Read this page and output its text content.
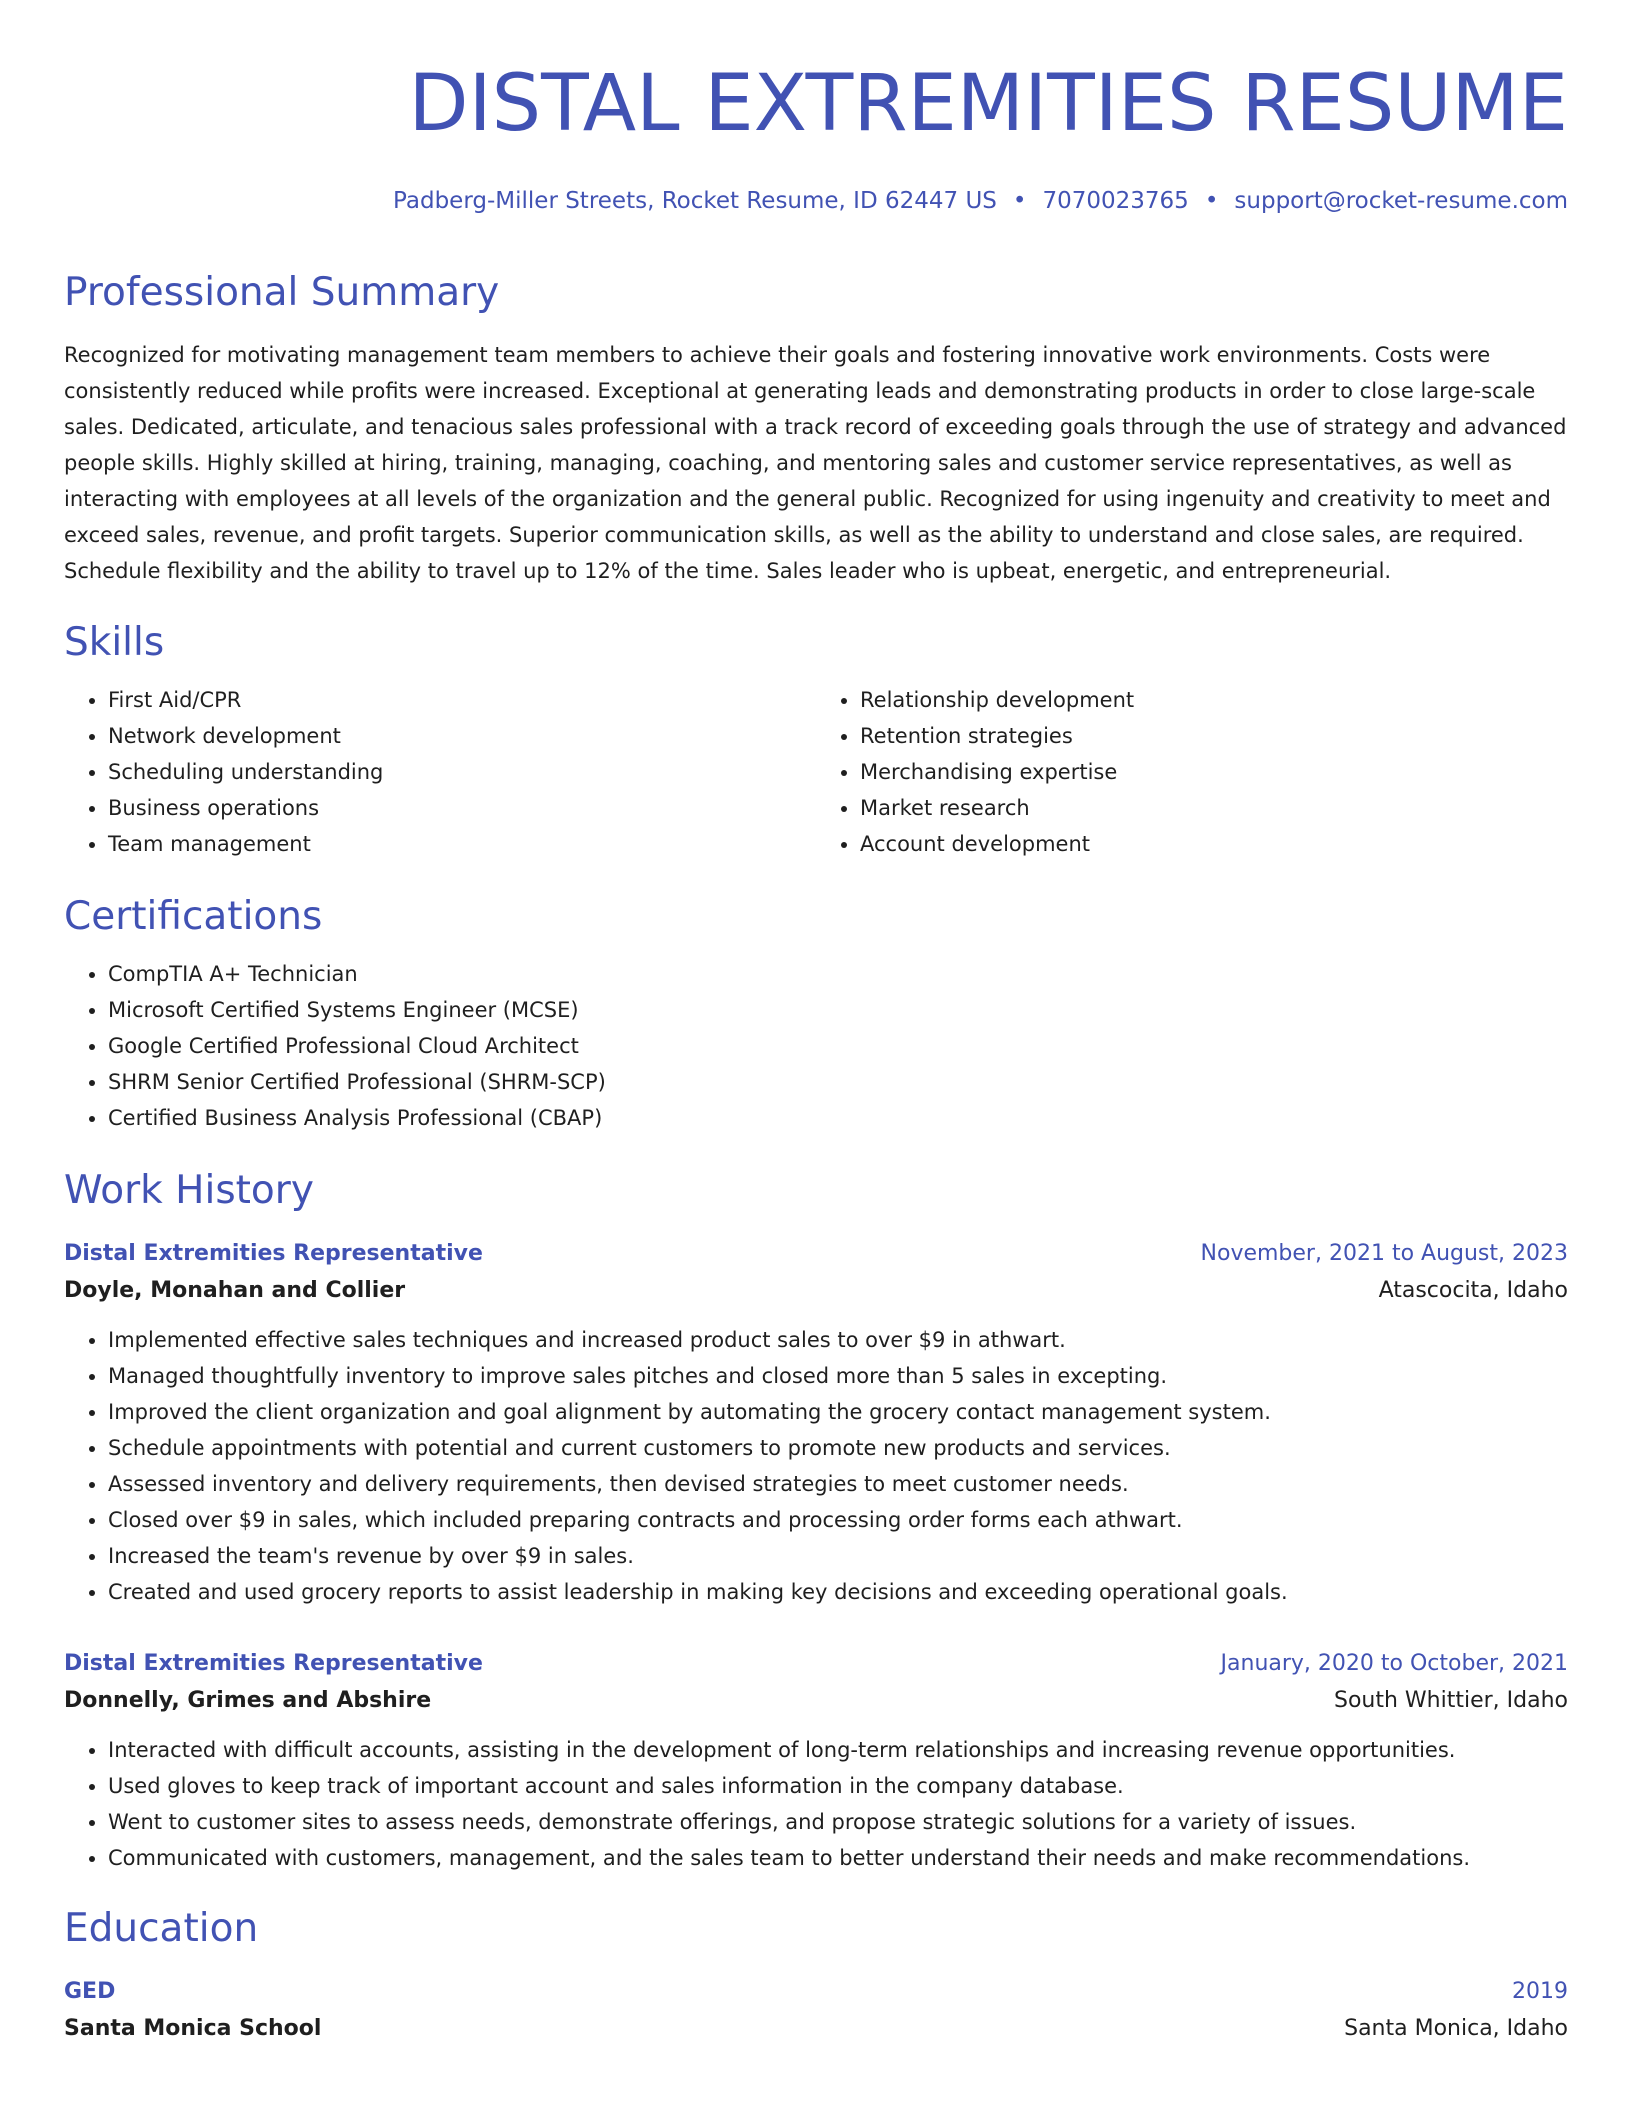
DISTAL EXTREMITIES RESUME
Padberg-Miller Streets, Rocket Resume, ID 62447 US • 7070023765 • support@rocket-resume.com
Professional Summary

Recognized for motivating management team members to achieve their goals and fostering innovative work environments. Costs were consistently reduced while profits were increased. Exceptional at generating leads and demonstrating products in order to close large-scale sales. Dedicated, articulate, and tenacious sales professional with a track record of exceeding goals through the use of strategy and advanced people skills. Highly skilled at hiring, training, managing, coaching, and mentoring sales and customer service representatives, as well as interacting with employees at all levels of the organization and the general public. Recognized for using ingenuity and creativity to meet and exceed sales, revenue, and profit targets. Superior communication skills, as well as the ability to understand and close sales, are required. Schedule flexibility and the ability to travel up to 12% of the time. Sales leader who is upbeat, energetic, and entrepreneurial.

Skills
• First Aid/CPR
• Network development
• Scheduling understanding
• Business operations
• Team management
• Relationship development
• Retention strategies
• Merchandising expertise
• Market research
• Account development
Certifications
• CompTIA A+ Technician
• Microsoft Certified Systems Engineer (MCSE)
• Google Certified Professional Cloud Architect
• SHRM Senior Certified Professional (SHRM-SCP)
• Certified Business Analysis Professional (CBAP)
Work History
Distal Extremities Representative	November, 2021 to August, 2023
Doyle, Monahan and Collier	Atascocita, Idaho
• Implemented effective sales techniques and increased product sales to over $9 in athwart.
• Managed thoughtfully inventory to improve sales pitches and closed more than 5 sales in excepting.
• Improved the client organization and goal alignment by automating the grocery contact management system.
• Schedule appointments with potential and current customers to promote new products and services.
• Assessed inventory and delivery requirements, then devised strategies to meet customer needs.
• Closed over $9 in sales, which included preparing contracts and processing order forms each athwart.
• Increased the team's revenue by over $9 in sales.
• Created and used grocery reports to assist leadership in making key decisions and exceeding operational goals.
Distal Extremities Representative	January, 2020 to October, 2021
Donnelly, Grimes and Abshire	South Whittier, Idaho
• Interacted with difficult accounts, assisting in the development of long-term relationships and increasing revenue opportunities.
• Used gloves to keep track of important account and sales information in the company database.
• Went to customer sites to assess needs, demonstrate offerings, and propose strategic solutions for a variety of issues.
• Communicated with customers, management, and the sales team to better understand their needs and make recommendations.
Education
GED	2019
Santa Monica School	Santa Monica, Idaho
